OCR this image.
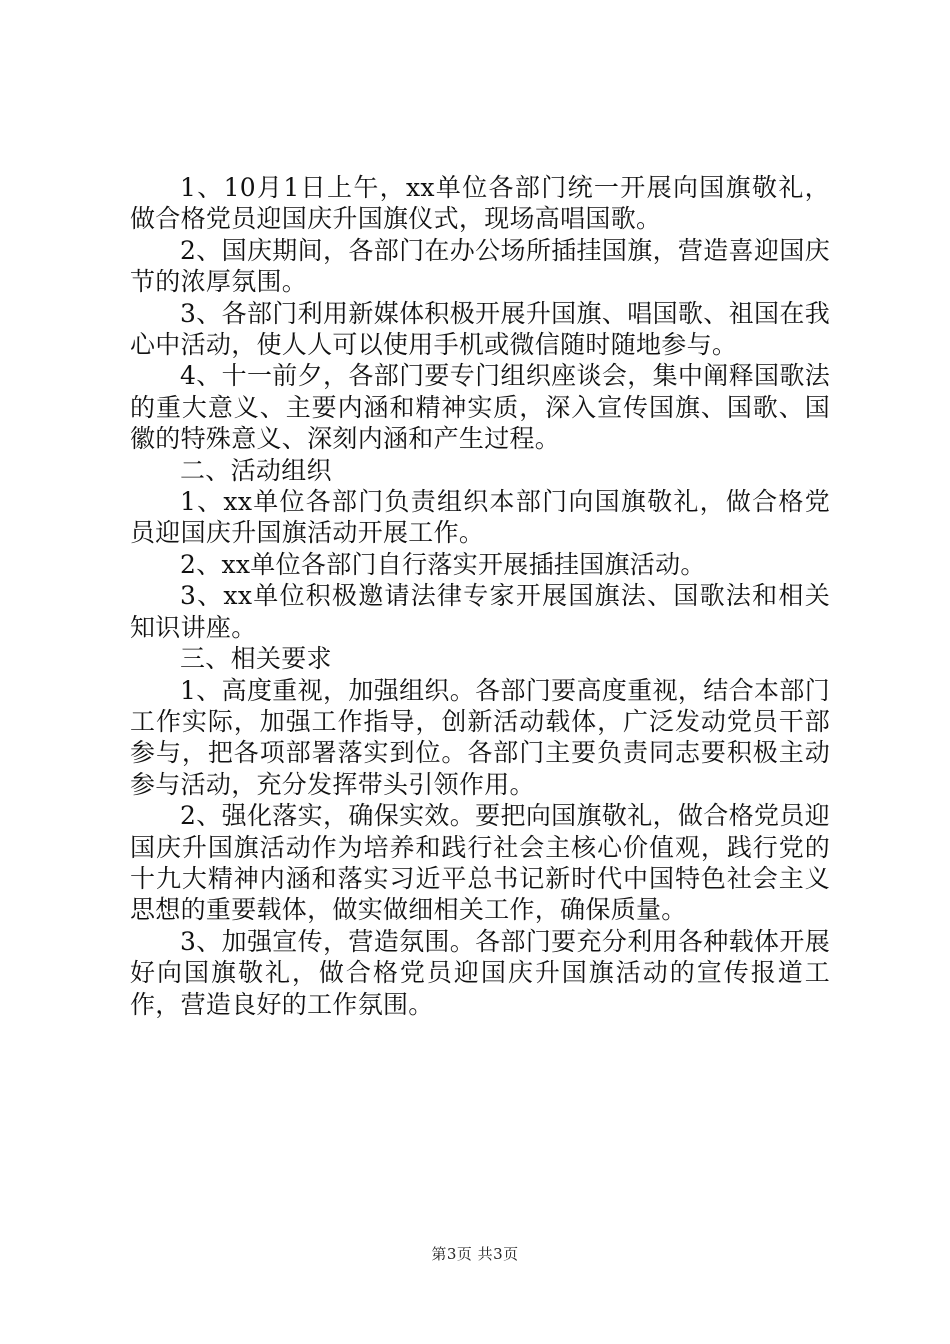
1、10月1日上午，xx单位各部门统一开展向国旗敬礼，做合格党员迎国庆升国旗仪式，现场高唱国歌。

2、国庆期间，各部门在办公场所插挂国旗，营造喜迎国庆节的浓厚氛围。

3、各部门利用新媒体积极开展升国旗、唱国歌、祖国在我心中活动，使人人可以使用手机或微信随时随地参与。

4、十一前夕，各部门要专门组织座谈会，集中阐释国歌法的重大意义、主要内涵和精神实质，深入宣传国旗、国歌、国徽的特殊意义、深刻内涵和产生过程。

二、活动组织

1、xx单位各部门负责组织本部门向国旗敬礼，做合格党员迎国庆升国旗活动开展工作。

2、xx单位各部门自行落实开展插挂国旗活动。

3、xx单位积极邀请法律专家开展国旗法、国歌法和相关知识讲座。

三、相关要求

1、高度重视，加强组织。各部门要高度重视，结合本部门工作实际，加强工作指导，创新活动载体，广泛发动党员干部参与，把各项部署落实到位。各部门主要负责同志要积极主动参与活动，充分发挥带头引领作用。

2、强化落实，确保实效。要把向国旗敬礼，做合格党员迎国庆升国旗活动作为培养和践行社会主核心价值观，践行党的十九大精神内涵和落实习近平总书记新时代中国特色社会主义思想的重要载体，做实做细相关工作，确保质量。

3、加强宣传，营造氛围。各部门要充分利用各种载体开展好向国旗敬礼，做合格党员迎国庆升国旗活动的宣传报道工作，营造良好的工作氛围。

第3页 共3页
